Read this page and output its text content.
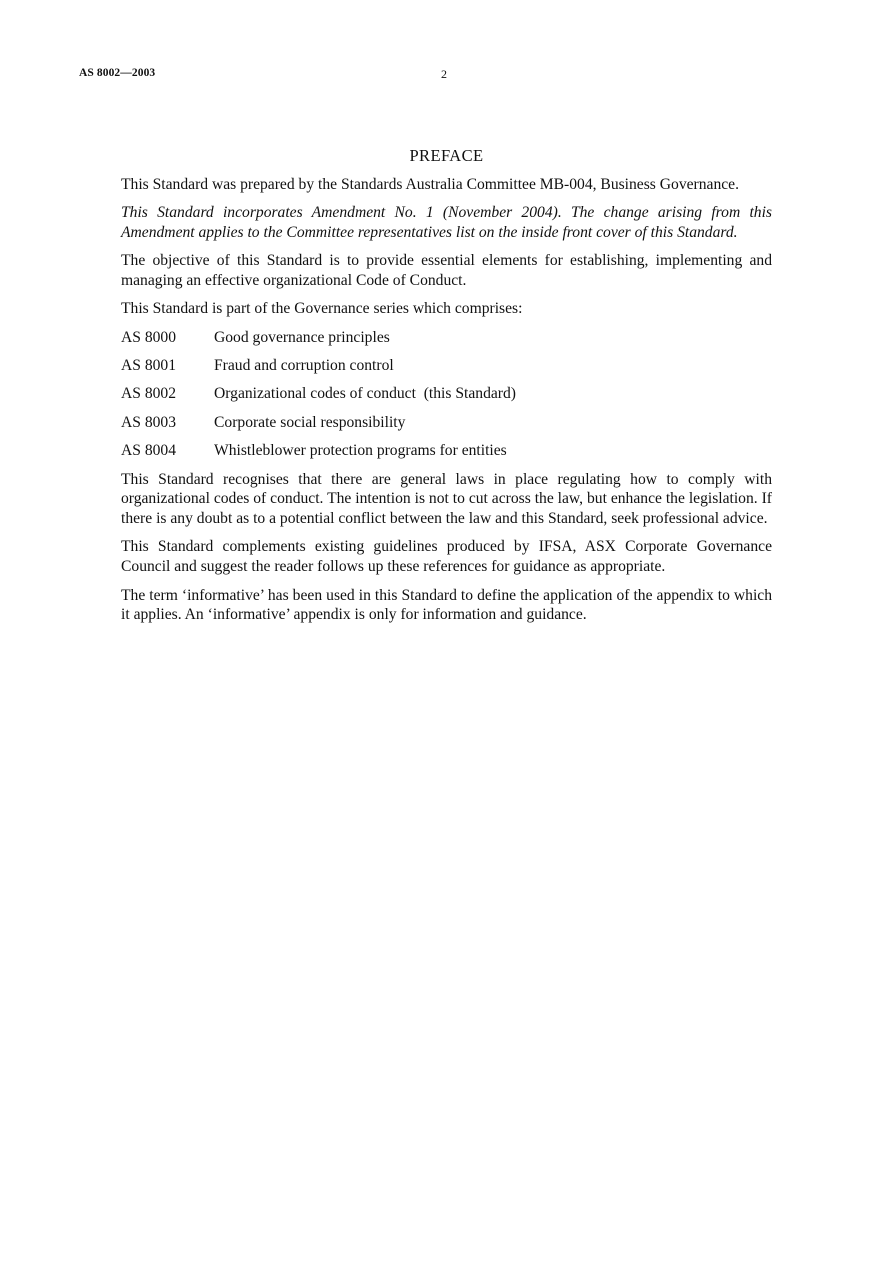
AS 8002—2003	2
PREFACE

This Standard was prepared by the Standards Australia Committee MB-004, Business Governance.

This Standard incorporates Amendment No. 1 (November 2004). The change arising from this Amendment applies to the Committee representatives list on the inside front cover of this Standard.

The objective of this Standard is to provide essential elements for establishing, implementing and managing an effective organizational Code of Conduct.

This Standard is part of the Governance series which comprises:

AS 8000	Good governance principles
AS 8001	Fraud and corruption control
AS 8002	Organizational codes of conduct  (this Standard)
AS 8003	Corporate social responsibility
AS 8004	Whistleblower protection programs for entities

This Standard recognises that there are general laws in place regulating how to comply with organizational codes of conduct. The intention is not to cut across the law, but enhance the legislation. If there is any doubt as to a potential conflict between the law and this Standard, seek professional advice.

This Standard complements existing guidelines produced by IFSA, ASX Corporate Governance Council and suggest the reader follows up these references for guidance as appropriate.

The term ‘informative’ has been used in this Standard to define the application of the appendix to which it applies. An ‘informative’ appendix is only for information and guidance.
